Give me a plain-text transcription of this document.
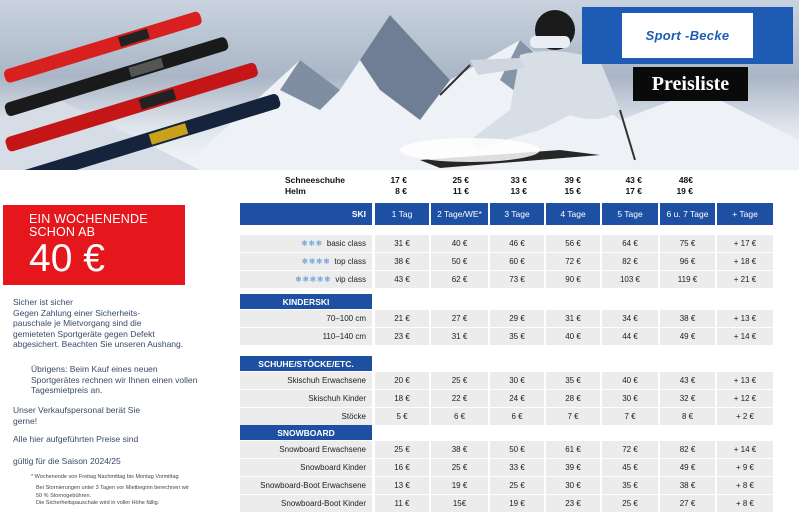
Sport -Becke
Preisliste
Schneeschuhe	17 €	25 €	33 €	39 €	43 €	48€
Helm	8 €	11 €	13 €	15 €	17 €	19 €
EIN WOCHENENDE
SCHON AB
40 €
Sicher ist sicher
Gegen Zahlung einer Sicherheits-
pauschale je Mietvorgang sind die
gemieteten Sportgeräte gegen Defekt
abgesichert. Beachten Sie unseren Aushang.
Übrigens: Beim Kauf eines neuen
Sportgerätes rechnen wir Ihnen einen vollen
Tagesmietpreis an.
Unser Verkaufspersonal berät Sie
gerne!
Alle hier aufgeführten Preise sind
gültig für die Saison 2024/25
* Wochenende von Freitag Nachmittag bis Montag Vormittag
Bei Stornierungen unter 3 Tagen vor Mietbeginn berechnen wir
50 % Stornogebühren.
Die Sicherheitspauschale wird in voller Höhe fällig.
SKI	1 Tag	2 Tage/WE*	3 Tage	4 Tage	5 Tage	6 u. 7 Tage	+ Tage
❄❄❄ basic class	31 €	40 €	46 €	56 €	64 €	75 €	+ 17 €
❄❄❄❄ top class	38 €	50 €	60 €	72 €	82 €	96 €	+ 18 €
❄❄❄❄❄ vip class	43 €	62 €	73 €	90 €	103 €	119 €	+ 21 €
KINDERSKI
70–100 cm	21 €	27 €	29 €	31 €	34 €	38 €	+ 13 €
110–140 cm	23 €	31 €	35 €	40 €	44 €	49 €	+ 14 €
SCHUHE/STÖCKE/ETC.
Skischuh Erwachsene	20 €	25 €	30 €	35 €	40 €	43 €	+ 13 €
Skischuh Kinder	18 €	22 €	24 €	28 €	30 €	32 €	+ 12 €
Stöcke	5 €	6 €	6 €	7 €	7 €	8 €	+ 2 €
SNOWBOARD
Snowboard Erwachsene	25 €	38 €	50 €	61 €	72 €	82 €	+ 14 €
Snowboard Kinder	16 €	25 €	33 €	39 €	45 €	49 €	+ 9 €
Snowboard-Boot Erwachsene	13 €	19 €	25 €	30 €	35 €	38 €	+ 8 €
Snowboard-Boot Kinder	11 €	15€	19 €	23 €	25 €	27 €	+ 8 €
